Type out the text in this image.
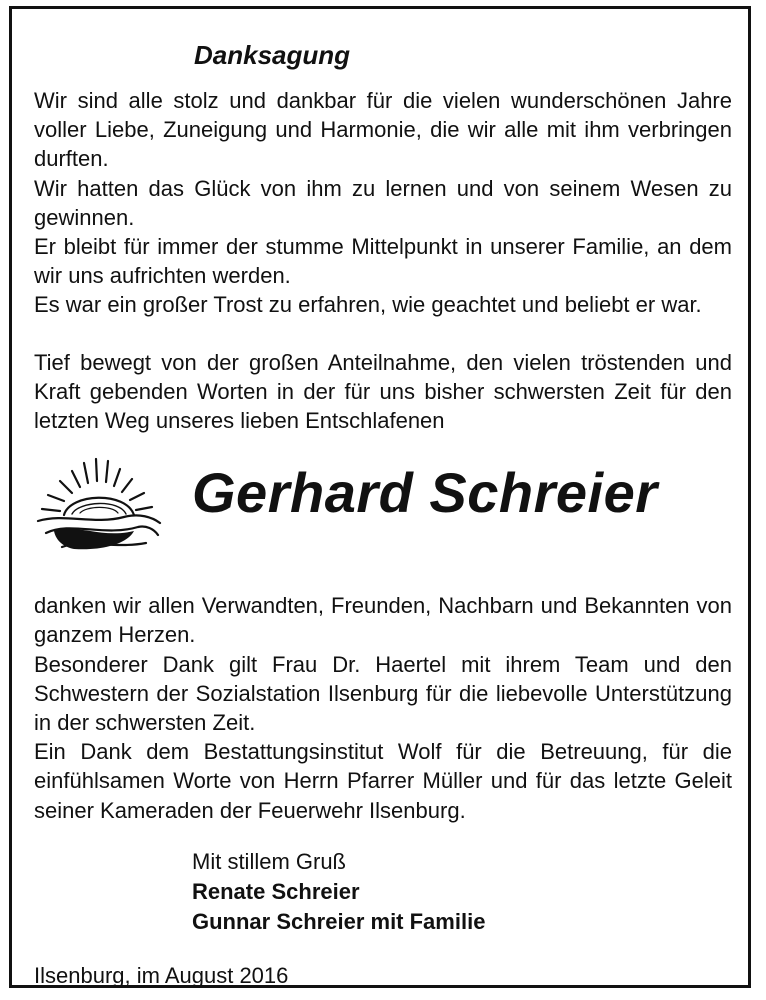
Danksagung

Wir sind alle stolz und dankbar für die vielen wunderschönen Jahre voller Liebe, Zuneigung und Harmonie, die wir alle mit ihm verbringen durften.

Wir hatten das Glück von ihm zu lernen und von seinem Wesen zu gewinnen.

Er bleibt für immer der stumme Mittelpunkt in unserer Familie, an dem wir uns aufrichten werden.

Es war ein großer Trost zu erfahren, wie geachtet und beliebt er war.

Tief bewegt von der großen Anteilnahme, den vielen tröstenden und Kraft gebenden Worten in der für uns bisher schwersten Zeit für den letzten Weg unseres lieben Entschlafenen

Gerhard Schreier

danken wir allen Verwandten, Freunden, Nachbarn und Bekannten von ganzem Herzen.

Besonderer Dank gilt Frau Dr. Haertel mit ihrem Team und den Schwestern der Sozialstation Ilsenburg für die liebevolle Unterstützung in der schwersten Zeit.

Ein Dank dem Bestattungsinstitut Wolf für die Betreuung, für die einfühlsamen Worte von Herrn Pfarrer Müller und für das letzte Geleit seiner Kameraden der Feuerwehr Ilsenburg.

Mit stillem Gruß
Renate Schreier
Gunnar Schreier mit Familie
Ilsenburg, im August 2016
